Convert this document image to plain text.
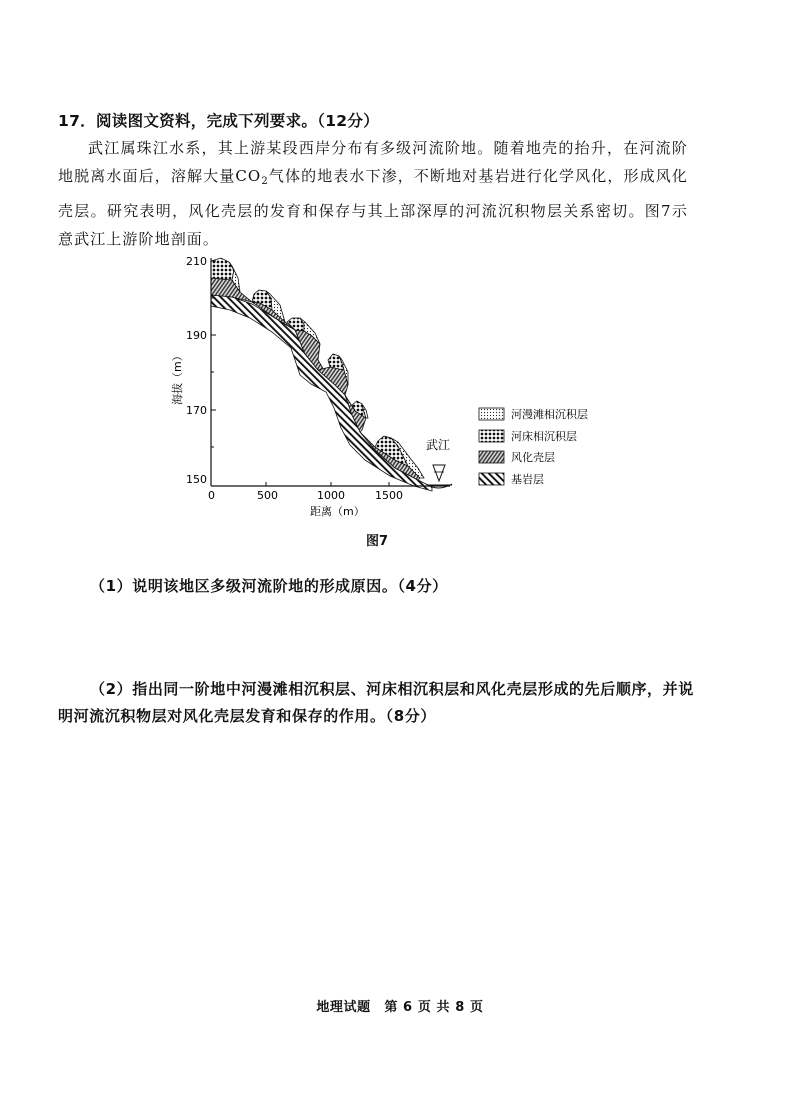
17．阅读图文资料，完成下列要求。（12分）
武江属珠江水系，其上游某段西岸分布有多级河流阶地。随着地壳的抬升，在河流阶地脱离水面后，溶解大量$CO_2$气体的地表水下渗，不断地对基岩进行化学风化，形成风化壳层。研究表明，风化壳层的发育和保存与其上部深厚的河流沉积物层关系密切。图7示意武江上游阶地剖面。
武江
210
190
170
150
海拔（m）
0	500	1000	1500
距离（m）
河漫滩相沉积层
河床相沉积层
风化壳层
基岩层
图7
（1）说明该地区多级河流阶地的形成原因。（4分）
（2）指出同一阶地中河漫滩相沉积层、河床相沉积层和风化壳层形成的先后顺序，并说明河流沉积物层对风化壳层发育和保存的作用。（8分）
地理试题　第 6 页 共 8 页
